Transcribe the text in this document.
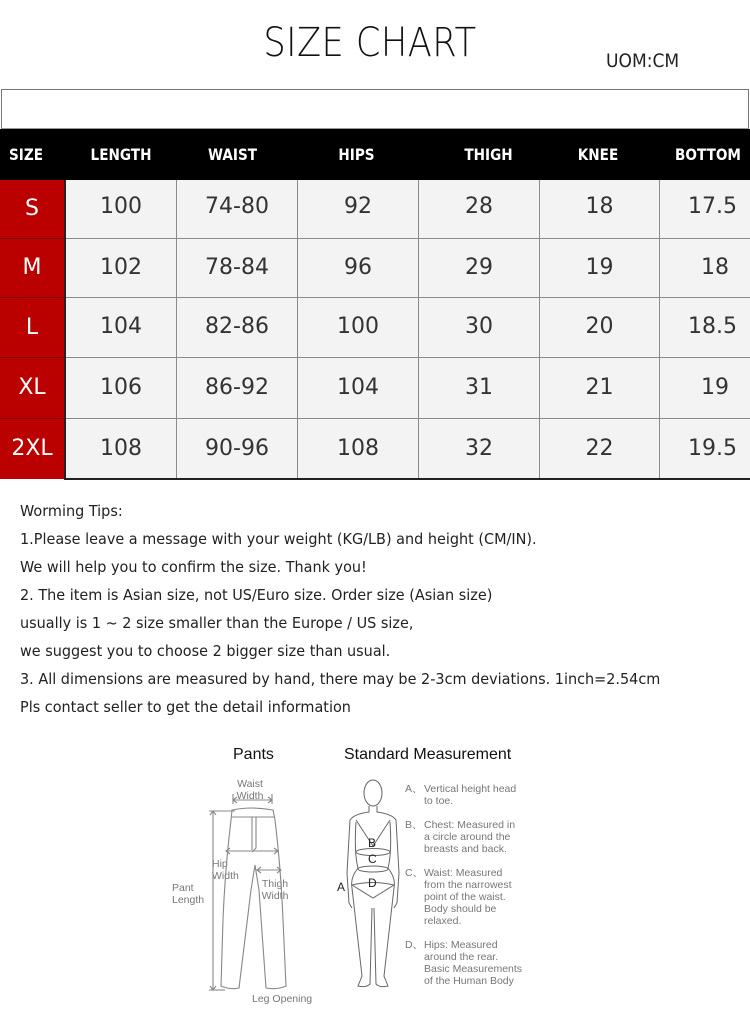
SIZE CHART	UOM:CM
SIZE	LENGTH	WAIST	HIPS	THIGH	KNEE	BOTTOM
S	100	74-80	92	28	18	17.5
M	102	78-84	96	29	19	18
L	104	82-86	100	30	20	18.5
XL	106	86-92	104	31	21	19
2XL	108	90-96	108	32	22	19.5
Worming Tips:
1.Please leave a message with your weight (KG/LB) and height (CM/IN).
We will help you to confirm the size. Thank you!
2. The item is Asian size, not US/Euro size. Order size (Asian size)
usually is 1 ~ 2 size smaller than the Europe / US size,
we suggest you to choose 2 bigger size than usual.
3. All dimensions are measured by hand, there may be 2-3cm deviations. 1inch=2.54cm
Pls contact seller to get the detail information
Pants
Waist
Width
Hip
Width
Thigh
Width
Pant
Length
Leg Opening
Standard Measurement
B
C
D
A
A、 Vertical height head
to toe.
B、 Chest: Measured in
a circle around the
breasts and back.
C、 Waist: Measured
from the narrowest
point of the waist.
Body should be
relaxed.
D、 Hips: Measured
around the rear.
Basic Measurements
of the Human Body
